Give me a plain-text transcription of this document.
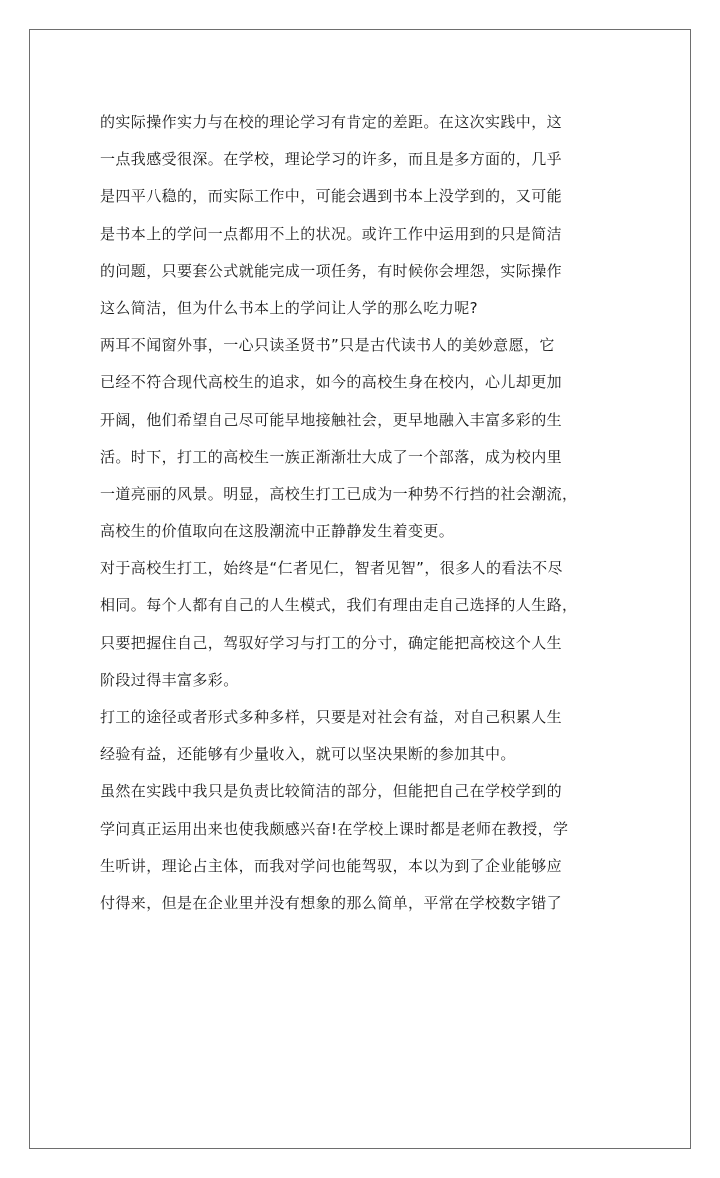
的实际操作实力与在校的理论学习有肯定的差距。在这次实践中，这
一点我感受很深。在学校，理论学习的许多，而且是多方面的，几乎
是四平八稳的，而实际工作中，可能会遇到书本上没学到的，又可能
是书本上的学问一点都用不上的状况。或许工作中运用到的只是简洁
的问题，只要套公式就能完成一项任务，有时候你会埋怨，实际操作
这么简洁，但为什么书本上的学问让人学的那么吃力呢?
两耳不闻窗外事，一心只读圣贤书”只是古代读书人的美妙意愿，它
已经不符合现代高校生的追求，如今的高校生身在校内，心儿却更加
开阔，他们希望自己尽可能早地接触社会，更早地融入丰富多彩的生
活。时下，打工的高校生一族正渐渐壮大成了一个部落，成为校内里
一道亮丽的风景。明显，高校生打工已成为一种势不行挡的社会潮流，
高校生的价值取向在这股潮流中正静静发生着变更。
对于高校生打工，始终是“仁者见仁，智者见智”，很多人的看法不尽
相同。每个人都有自己的人生模式，我们有理由走自己选择的人生路，
只要把握住自己，驾驭好学习与打工的分寸，确定能把高校这个人生
阶段过得丰富多彩。
打工的途径或者形式多种多样，只要是对社会有益，对自己积累人生
经验有益，还能够有少量收入，就可以坚决果断的参加其中。
虽然在实践中我只是负责比较简洁的部分，但能把自己在学校学到的
学问真正运用出来也使我颇感兴奋!在学校上课时都是老师在教授，学
生听讲，理论占主体，而我对学问也能驾驭，本以为到了企业能够应
付得来，但是在企业里并没有想象的那么简单，平常在学校数字错了
